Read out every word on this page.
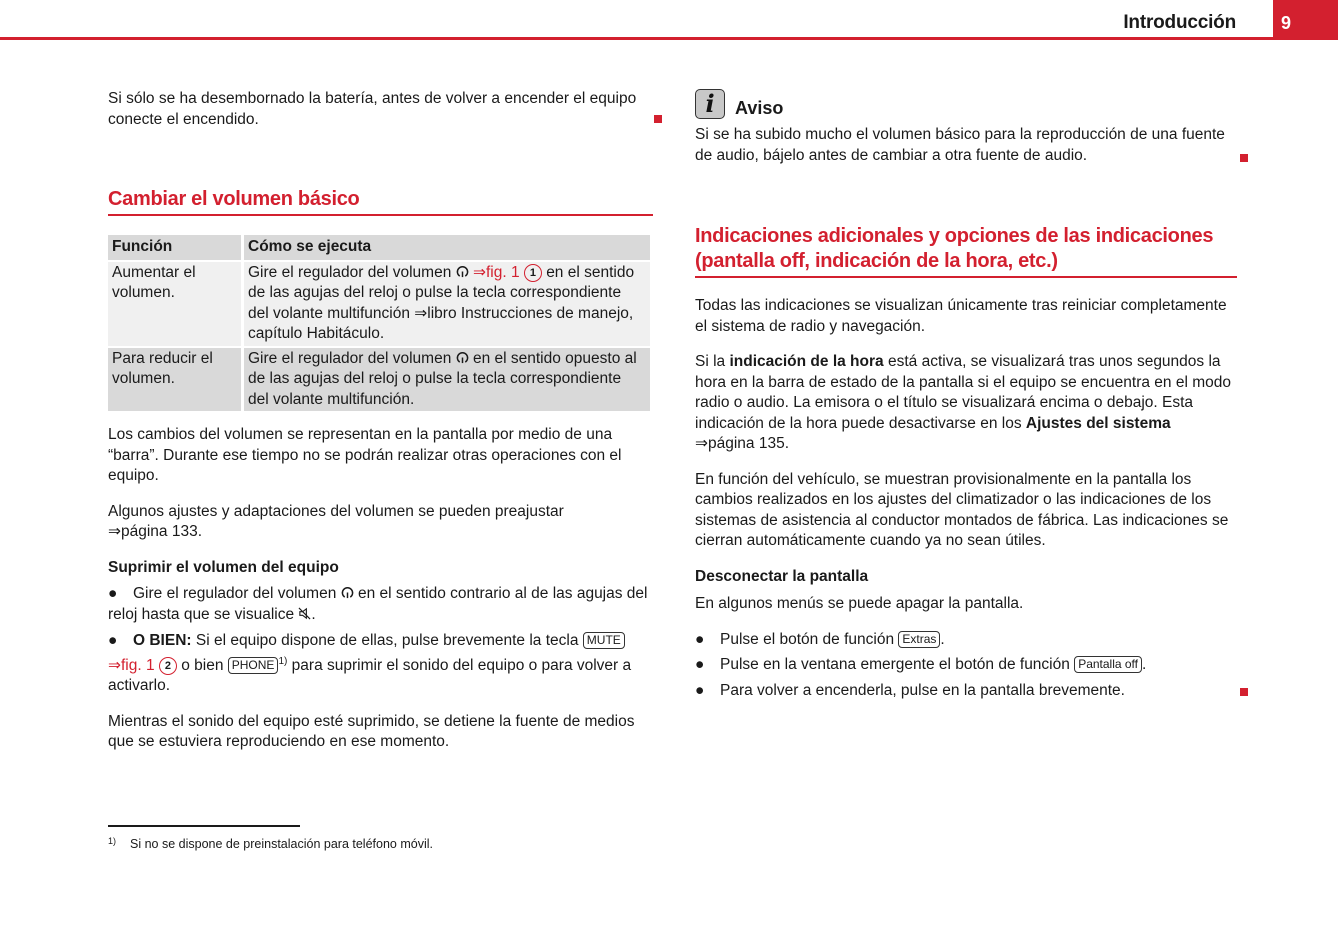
Introducción	9

Si sólo se ha desembornado la batería, antes de volver a encender el equipo conecte el encendido.

Cambiar el volumen básico
Función	Cómo se ejecuta
Aumentar el volumen.	Gire el regulador del volumen ⇒fig. 1 1 en el sentido de las agujas del reloj o pulse la tecla correspondiente del volante multifunción ⇒libro Instrucciones de manejo, capítulo Habitáculo.
Para reducir el volumen.	Gire el regulador del volumen en el sentido opuesto al de las agujas del reloj o pulse la tecla correspondiente del volante multifunción.

Los cambios del volumen se representan en la pantalla por medio de una “barra”. Durante ese tiempo no se podrán realizar otras operaciones con el equipo.

Algunos ajustes y adaptaciones del volumen se pueden preajustar
⇒página 133.

Suprimir el volumen del equipo
● Gire el regulador del volumen en el sentido contrario al de las agujas del reloj hasta que se visualice .
● O BIEN: Si el equipo dispone de ellas, pulse brevemente la tecla MUTE
⇒fig. 1 2 o bien PHONE $^{1)}$ para suprimir el sonido del equipo o para volver a activarlo.

Mientras el sonido del equipo esté suprimido, se detiene la fuente de medios que se estuviera reproduciendo en ese momento.

i Aviso

Si se ha subido mucho el volumen básico para la reproducción de una fuente de audio, bájelo antes de cambiar a otra fuente de audio.

Indicaciones adicionales y opciones de las indicaciones (pantalla off, indicación de la hora, etc.)

Todas las indicaciones se visualizan únicamente tras reiniciar completamente el sistema de radio y navegación.

Si la indicación de la hora está activa, se visualizará tras unos segundos la hora en la barra de estado de la pantalla si el equipo se encuentra en el modo radio o audio. La emisora o el título se visualizará encima o debajo. Esta indicación de la hora puede desactivarse en los Ajustes del sistema
⇒página 135.

En función del vehículo, se muestran provisionalmente en la pantalla los cambios realizados en los ajustes del climatizador o las indicaciones de los sistemas de asistencia al conductor montados de fábrica. Las indicaciones se cierran automáticamente cuando ya no sean útiles.

Desconectar la pantalla

En algunos menús se puede apagar la pantalla.

● Pulse el botón de función Extras .
● Pulse en la ventana emergente el botón de función Pantalla off .
● Para volver a encenderla, pulse en la pantalla brevemente.
$^{1)}$ Si no se dispone de preinstalación para teléfono móvil.
